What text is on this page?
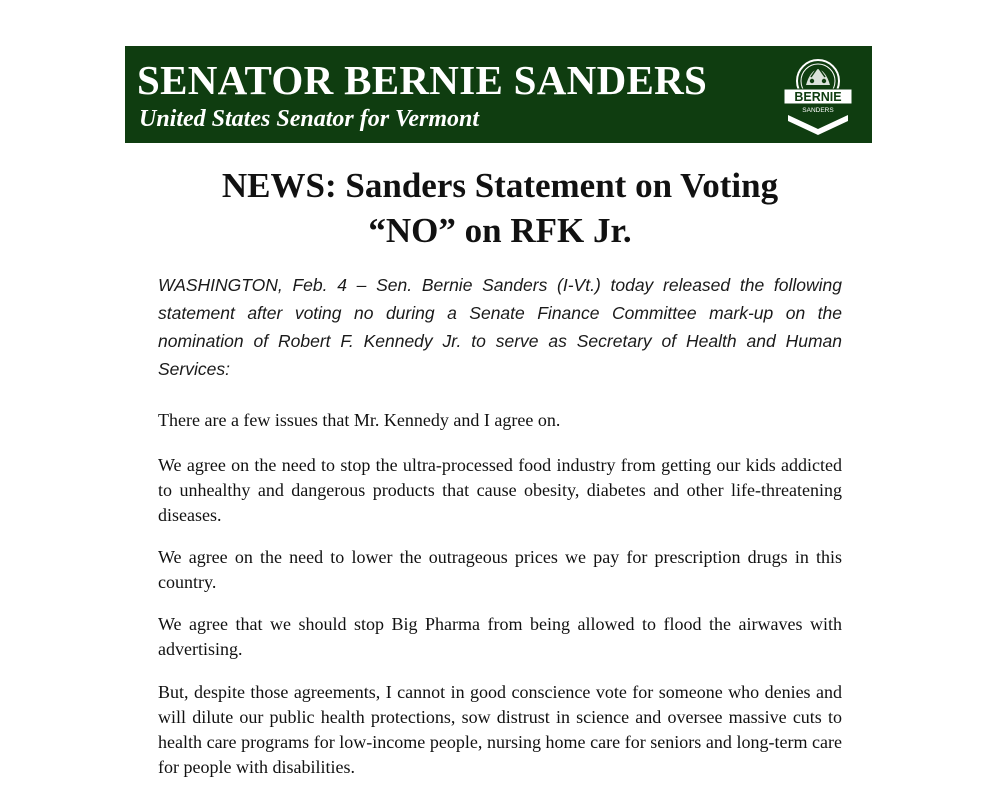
SENATOR BERNIE SANDERS
United States Senator for Vermont
BERNIE
SANDERS
VT
NEWS: Sanders Statement on Voting
“NO” on RFK Jr.

WASHINGTON, Feb. 4 – Sen. Bernie Sanders (I-Vt.) today released the following statement after voting no during a Senate Finance Committee mark-up on the nomination of Robert F. Kennedy Jr. to serve as Secretary of Health and Human Services:

There are a few issues that Mr. Kennedy and I agree on.

We agree on the need to stop the ultra-processed food industry from getting our kids addicted to unhealthy and dangerous products that cause obesity, diabetes and other life-threatening diseases.

We agree on the need to lower the outrageous prices we pay for prescription drugs in this country.

We agree that we should stop Big Pharma from being allowed to flood the airwaves with advertising.

But, despite those agreements, I cannot in good conscience vote for someone who denies and will dilute our public health protections, sow distrust in science and oversee massive cuts to health care programs for low-income people, nursing home care for seniors and long-term care for people with disabilities.
